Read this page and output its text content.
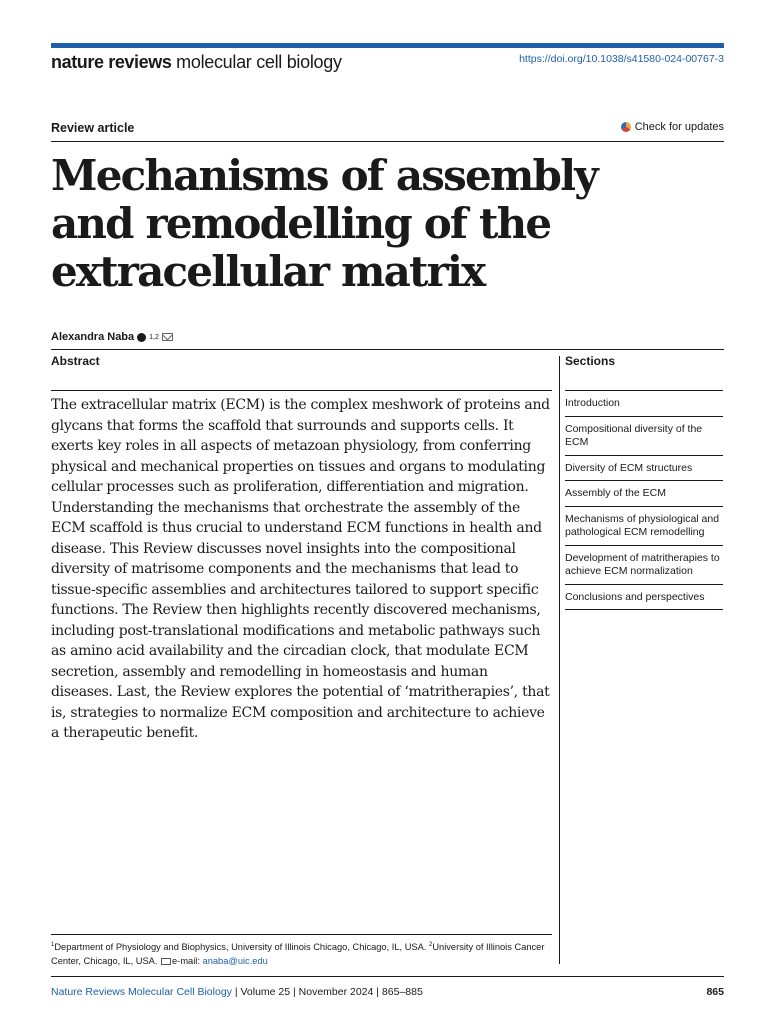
nature reviews molecular cell biology	https://doi.org/10.1038/s41580-024-00767-3
Review article	Check for updates
Mechanisms of assembly and remodelling of the extracellular matrix
Alexandra Naba 1,2
Abstract

The extracellular matrix (ECM) is the complex meshwork of proteins and glycans that forms the scaffold that surrounds and supports cells. It exerts key roles in all aspects of metazoan physiology, from conferring physical and mechanical properties on tissues and organs to modulating cellular processes such as proliferation, differentiation and migration. Understanding the mechanisms that orchestrate the assembly of the ECM scaffold is thus crucial to understand ECM functions in health and disease. This Review discusses novel insights into the compositional diversity of matrisome components and the mechanisms that lead to tissue-specific assemblies and architectures tailored to support specific functions. The Review then highlights recently discovered mechanisms, including post-translational modifications and metabolic pathways such as amino acid availability and the circadian clock, that modulate ECM secretion, assembly and remodelling in homeostasis and human diseases. Last, the Review explores the potential of ‘matritherapies’, that is, strategies to normalize ECM composition and architecture to achieve a therapeutic benefit.

Sections
Introduction
Compositional diversity of the ECM
Diversity of ECM structures
Assembly of the ECM
Mechanisms of physiological and pathological ECM remodelling
Development of matritherapies to achieve ECM normalization
Conclusions and perspectives
$^1$Department of Physiology and Biophysics, University of Illinois Chicago, Chicago, IL, USA. $^2$University of Illinois Cancer Center, Chicago, IL, USA. e-mail: anaba@uic.edu
Nature Reviews Molecular Cell Biology | Volume 25 | November 2024 | 865–885	865
